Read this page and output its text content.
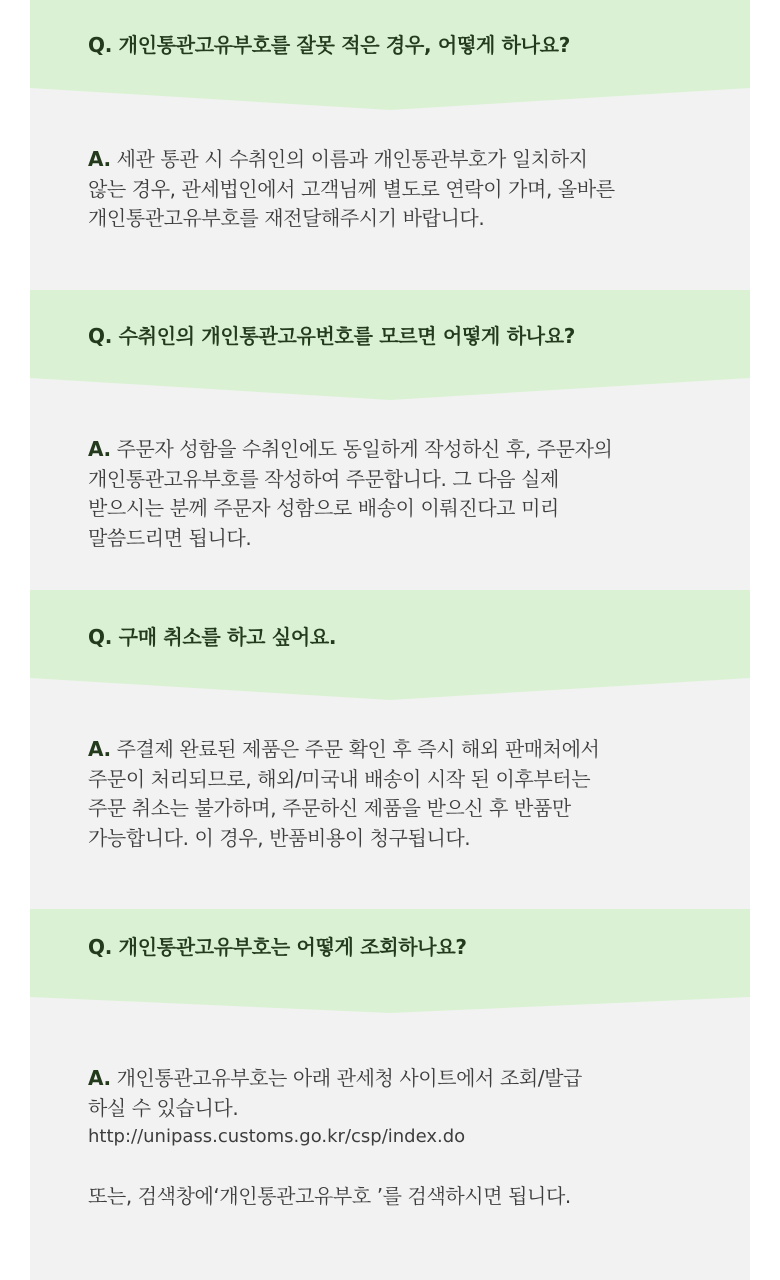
Q. 개인통관고유부호를 잘못 적은 경우, 어떻게 하나요?

A. 세관 통관 시 수취인의 이름과 개인통관부호가 일치하지
않는 경우, 관세법인에서 고객님께 별도로 연락이 가며, 올바른
개인통관고유부호를 재전달해주시기 바랍니다.

Q. 수취인의 개인통관고유번호를 모르면 어떻게 하나요?

A. 주문자 성함을 수취인에도 동일하게 작성하신 후, 주문자의
개인통관고유부호를 작성하여 주문합니다. 그 다음 실제
받으시는 분께 주문자 성함으로 배송이 이뤄진다고 미리
말씀드리면 됩니다.

Q. 구매 취소를 하고 싶어요.

A. 주결제 완료된 제품은 주문 확인 후 즉시 해외 판매처에서
주문이 처리되므로, 해외/미국내 배송이 시작 된 이후부터는
주문 취소는 불가하며, 주문하신 제품을 받으신 후 반품만
가능합니다. 이 경우, 반품비용이 청구됩니다.

Q. 개인통관고유부호는 어떻게 조회하나요?

A. 개인통관고유부호는 아래 관세청 사이트에서 조회/발급
하실 수 있습니다.

http://unipass.customs.go.kr/csp/index.do

또는, 검색창에‘개인통관고유부호 ’를 검색하시면 됩니다.
